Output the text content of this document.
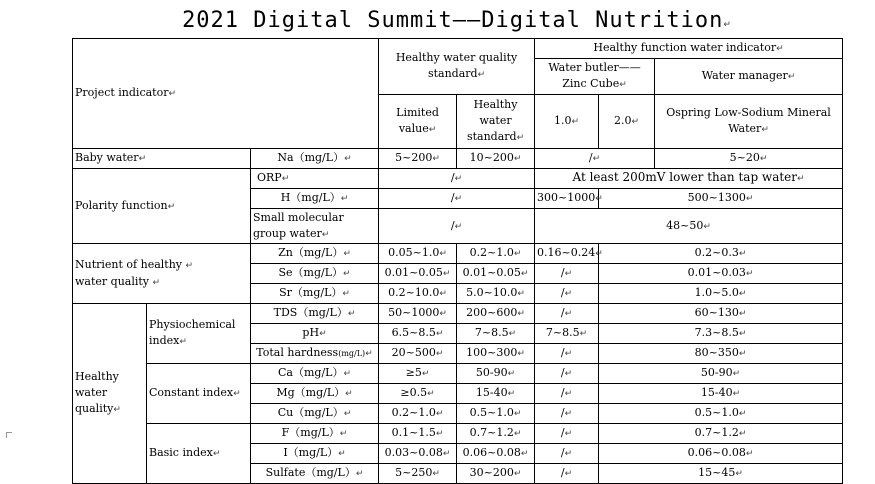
2021 Digital Summit——Digital Nutrition↵
Project indicator↵			Healthy water quality standard↵		Healthy function water indicator↵			
					Water butler——Zinc Cube↵		Water manager↵	
			Limited value↵	Healthy water standard↵	1.0↵	2.0↵	Ospring Low-Sodium Mineral Water↵	
Baby water↵		Na（mg/L）↵	5~200↵	10~200↵	/↵		5~20↵	
Polarity function↵		ORP↵	/↵		At least 200mV lower than tap water↵			
		H（mg/L）↵	/↵		300~1000↵	500~1300↵	
		Small molecular
group water↵	/↵		48~50↵			

Nutrient of healthy ↵
water quality ↵		Zn（mg/L）↵	0.05~1.0↵	0.2~1.0↵	0.16~0.24↵	0.2~0.3↵	
		Se（mg/L）↵	0.01~0.05↵	0.01~0.05↵	/↵	0.01~0.03↵	
		Sr（mg/L）↵	0.2~10.0↵	5.0~10.0↵	/↵	1.0~5.0↵	
Healthy
water
quality↵	Physiochemical
index↵	TDS（mg/L）↵	50~1000↵	200~600↵	/↵	60~130↵	
		pH↵	6.5~8.5↵	7~8.5↵	7~8.5↵	7.3~8.5↵	
		Total hardness(mg/L)↵	20~500↵	100~300↵	/↵	80~350↵	
	Constant index↵	Ca（mg/L）↵	≥5↵	50-90↵	/↵	50-90↵	
		Mg（mg/L）↵	≥0.5↵	15-40↵	/↵	15-40↵	
		Cu（mg/L）↵	0.2~1.0↵	0.5~1.0↵	/↵	0.5~1.0↵	
	Basic index↵	F（mg/L）↵	0.1~1.5↵	0.7~1.2↵	/↵	0.7~1.2↵	
		I（mg/L）↵	0.03~0.08↵	0.06~0.08↵	/↵	0.06~0.08↵	
		Sulfate（mg/L）↵	5~250↵	30~200↵	/↵	15~45↵	
